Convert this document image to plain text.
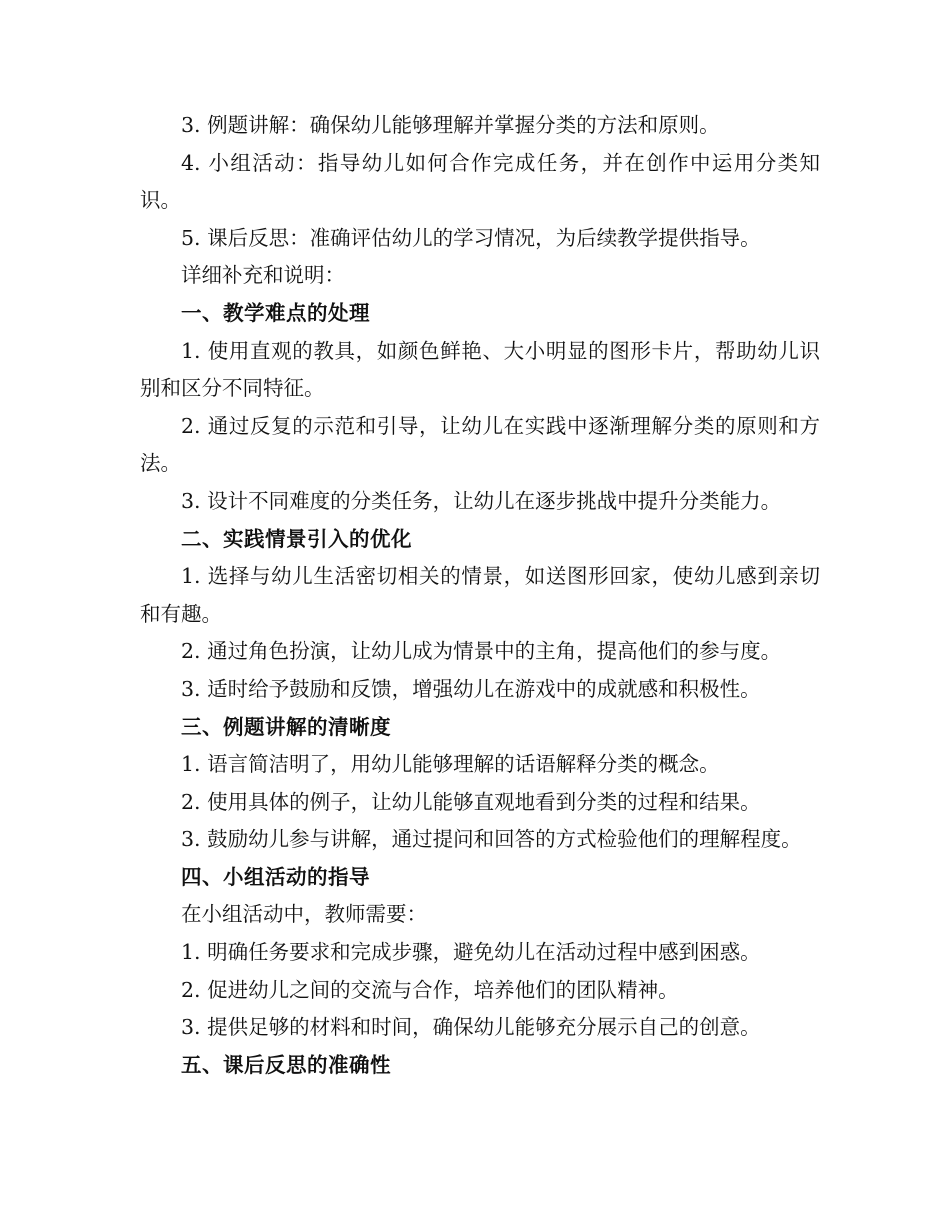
3. 例题讲解：确保幼儿能够理解并掌握分类的方法和原则。

4. 小组活动：指导幼儿如何合作完成任务，并在创作中运用分类知识。

5. 课后反思：准确评估幼儿的学习情况，为后续教学提供指导。

详细补充和说明：

一、教学难点的处理

1. 使用直观的教具，如颜色鲜艳、大小明显的图形卡片，帮助幼儿识别和区分不同特征。

2. 通过反复的示范和引导，让幼儿在实践中逐渐理解分类的原则和方法。

3. 设计不同难度的分类任务，让幼儿在逐步挑战中提升分类能力。

二、实践情景引入的优化

1. 选择与幼儿生活密切相关的情景，如送图形回家，使幼儿感到亲切和有趣。

2. 通过角色扮演，让幼儿成为情景中的主角，提高他们的参与度。

3. 适时给予鼓励和反馈，增强幼儿在游戏中的成就感和积极性。

三、例题讲解的清晰度

1. 语言简洁明了，用幼儿能够理解的话语解释分类的概念。

2. 使用具体的例子，让幼儿能够直观地看到分类的过程和结果。

3. 鼓励幼儿参与讲解，通过提问和回答的方式检验他们的理解程度。

四、小组活动的指导

在小组活动中，教师需要：

1. 明确任务要求和完成步骤，避免幼儿在活动过程中感到困惑。

2. 促进幼儿之间的交流与合作，培养他们的团队精神。

3. 提供足够的材料和时间，确保幼儿能够充分展示自己的创意。

五、课后反思的准确性
